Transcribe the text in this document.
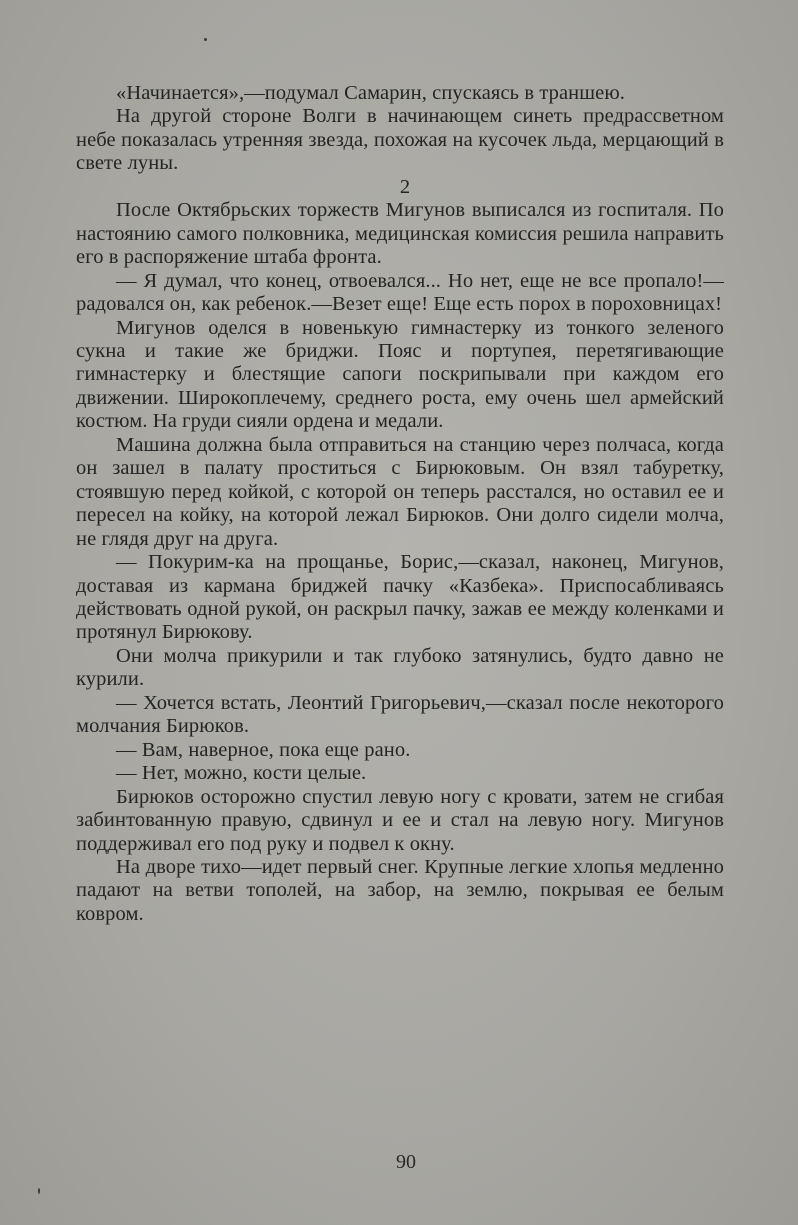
«Начинается»,—подумал Самарин, спускаясь в траншею.

На другой стороне Волги в начинающем синеть предрассветном небе показалась утренняя звезда, похожая на кусочек льда, мерцающий в свете луны.

2

После Октябрьских торжеств Мигунов выписался из госпиталя. По настоянию самого полковника, медицинская комиссия решила направить его в распоряжение штаба фронта.

— Я думал, что конец, отвоевался... Но нет, еще не все пропало!—радовался он, как ребенок.—Везет еще! Еще есть порох в пороховницах!

Мигунов оделся в новенькую гимнастерку из тонкого зеленого сукна и такие же бриджи. Пояс и портупея, перетягивающие гимнастерку и блестящие сапоги поскрипывали при каждом его движении. Широкоплечему, среднего роста, ему очень шел армейский костюм. На груди сияли ордена и медали.

Машина должна была отправиться на станцию через полчаса, когда он зашел в палату проститься с Бирюковым. Он взял табуретку, стоявшую перед койкой, с которой он теперь расстался, но оставил ее и пересел на койку, на которой лежал Бирюков. Они долго сидели молча, не глядя друг на друга.

— Покурим-ка на прощанье, Борис,—сказал, наконец, Мигунов, доставая из кармана бриджей пачку «Казбека». Приспосабливаясь действовать одной рукой, он раскрыл пачку, зажав ее между коленками и протянул Бирюкову.

Они молча прикурили и так глубоко затянулись, будто давно не курили.

— Хочется встать, Леонтий Григорьевич,—сказал после некоторого молчания Бирюков.

— Вам, наверное, пока еще рано.

— Нет, можно, кости целые.

Бирюков осторожно спустил левую ногу с кровати, затем не сгибая забинтованную правую, сдвинул и ее и стал на левую ногу. Мигунов поддерживал его под руку и подвел к окну.

На дворе тихо—идет первый снег. Крупные легкие хлопья медленно падают на ветви тополей, на забор, на землю, покрывая ее белым ковром.

90
